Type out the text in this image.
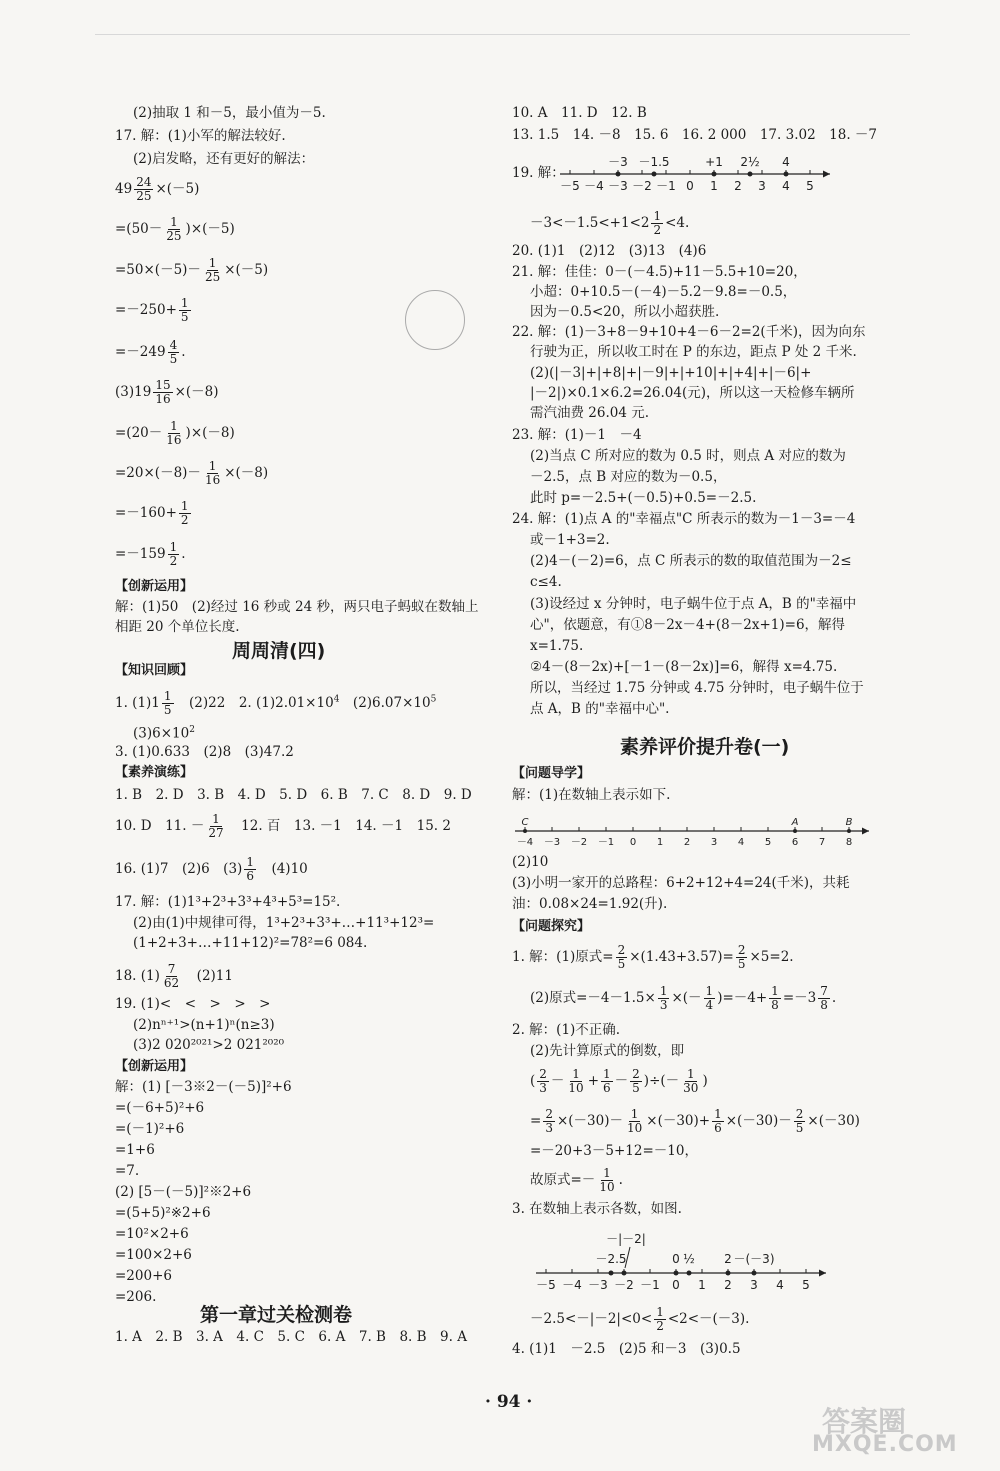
(2)抽取 1 和－5，最小值为－5.
17. 解：(1)小军的解法较好.
(2)启发略，还有更好的解法：
$49 \frac{24}{25} \times(-5)$
$=(50- \frac{1}{25} )\times(-5)$
$=50\times(-5)- \frac{1}{25} \times(-5)$
$=-250+ \frac{1}{5}$
$=-249 \frac{4}{5}$ .
$(3)19 \frac{15}{16} \times(-8)$
$=(20- \frac{1}{16} )\times(-8)$
$=20\times(-8)- \frac{1}{16} \times(-8)$
$=-160+ \frac{1}{2}$
$=-159 \frac{1}{2}$ .
【创新运用】
解：(1)50　(2)经过 16 秒或 24 秒，两只电子蚂蚁在数轴上
相距 20 个单位长度.
周周清(四)
【知识回顾】
1. $(1)1 \frac{1}{5}$ 　(2)22　2. $(1)2.01\times 10^4$　$(2)6.07\times 10^5$
$(3)6\times 10^2$
3. (1)0.633　(2)8　(3)47.2
【素养演练】
1. B　2. D　3. B　4. D　5. D　6. B　7. C　8. D　9. D
10. D　11. － $\frac{1}{27}$ 　12. 百　13. －1　14. －1　15. 2
16. (1)7　(2)6　$(3) \frac{1}{6}$ 　(4)10
17. 解：(1)1³+2³+3³+4³+5³=15².
(2)由(1)中规律可得，1³+2³+3³+…+11³+12³=
(1+2+3+…+11+12)²=78²=6 084.
18. $(1) \frac{7}{62}$ 　(2)11
19. (1)<　<　>　>　>
(2)nⁿ⁺¹>(n+1)ⁿ(n≥3)
(3)2 020²⁰²¹>2 021²⁰²⁰
【创新运用】
解：(1) [－3※2－(－5)]²+6
=(－6+5)²+6
=(－1)²+6
=1+6
=7.
(2) [5－(－5)]²※2+6
=(5+5)²※2+6
=10²×2+6
=100×2+6
=200+6
=206.
第一章过关检测卷
1. A　2. B　3. A　4. C　5. C　6. A　7. B　8. B　9. A
10. A　11. D　12. B
13. 1.5　14. －8　15. 6　16. 2 000　17. 3.02　18. －7
19. 解：
－5 －4 －3 －2 －1 0 1 2 3 4 5
－3 －1.5	+1 2½ 4
$-3<-1.5<+1<2 \frac{1}{2} <4$.
20. (1)1　(2)12　(3)13　(4)6
21. 解：佳佳：0－(－4.5)+11－5.5+10=20，
小超：0+10.5－(－4)－5.2－9.8=－0.5，
因为－0.5<20，所以小超获胜.
22. 解：(1)－3+8－9+10+4－6－2=2(千米)，因为向东
行驶为正，所以收工时在 P 的东边，距点 P 处 2 千米.
(2)(|－3|+|+8|+|－9|+|+10|+|+4|+|－6|+
|－2|)×0.1×6.2=26.04(元)，所以这一天检修车辆所
需汽油费 26.04 元.
23. 解：(1)－1　－4
(2)当点 C 所对应的数为 0.5 时，则点 A 对应的数为
－2.5，点 B 对应的数为－0.5，
此时 p=－2.5+(－0.5)+0.5=－2.5.
24. 解：(1)点 A 的"幸福点"C 所表示的数为－1－3=－4
或－1+3=2.
(2)4－(－2)=6，点 C 所表示的数的取值范围为－2≤
c≤4.
(3)设经过 x 分钟时，电子蜗牛位于点 A，B 的"幸福中
心"，依题意，有①8－2x－4+(8－2x+1)=6，解得
x=1.75.
②4－(8－2x)+[－1－(8－2x)]=6，解得 x=4.75.
所以，当经过 1.75 分钟或 4.75 分钟时，电子蜗牛位于
点 A，B 的"幸福中心".
素养评价提升卷(一)
【问题导学】
解：(1)在数轴上表示如下.
－4 －3 －2 －1 0 1 2 3 4 5 6 7 8
C	A	B
(2)10
(3)小明一家开的总路程：6+2+12+4=24(千米)，共耗
油：0.08×24=1.92(升).
【问题探究】
1. 解：(1)原式= $\frac{2}{5} \times(1.43+3.57)= \frac{2}{5} \times 5=2$.
(2)原式$=-4-1.5\times \frac{1}{3}$ ×(－ $\frac{1}{4} )=-4+ \frac{1}{8} =-3 \frac{7}{8}$ .
2. 解：(1)不正确.
(2)先计算原式的倒数，即
( $\frac{2}{3} - \frac{1}{10} + \frac{1}{6} - \frac{2}{5}$ )÷(－ $\frac{1}{30}$ )
= $\frac{2}{3} \times(-30)- \frac{1}{10} \times(-30)+ \frac{1}{6} \times(-30)- \frac{2}{5} \times(-30)$
=－20+3－5+12=－10，
故原式=－ $\frac{1}{10}$ .
3. 在数轴上表示各数，如图.
－5 －4 －3 －2 －1 0 1 2 3 4 5
－|－2|
－2.5	0 ½ 2 －(－3)
$-2.5<-|-2|<0< \frac{1}{2} <2<-(-3)$.
4. (1)1　－2.5　(2)5 和－3　(3)0.5
· 94 ·
答案圈
MXQE.COM
